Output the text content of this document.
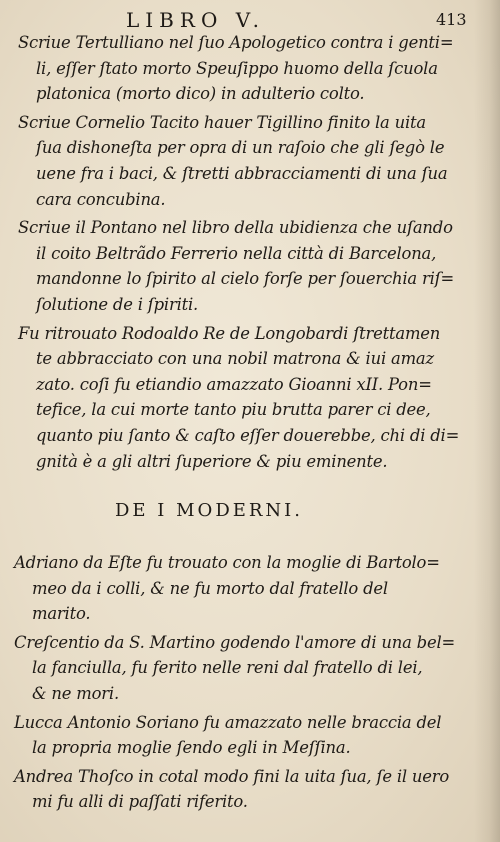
LIBRO V.	413
Scriue Tertulliano nel ſuo Apologetico contra i genti=
li, eſſer ſtato morto Speuſippo huomo della ſcuola
platonica (morto dico) in adulterio colto.
Scriue Cornelio Tacito hauer Tigillino finito la uita
ſua dishoneſta per opra di un raſoio che gli ſegò le
uene fra i baci, & ſtretti abbracciamenti di una ſua
cara concubina.
Scriue il Pontano nel libro della ubidienza che uſando
il coito Beltrãdo Ferrerio nella città di Barcelona,
mandonne lo ſpirito al cielo forſe per ſouerchia riſ=
ſolutione de i ſpiriti.
Fu ritrouato Rodoaldo Re de Longobardi ſtrettamen
te abbracciato con una nobil matrona & iui amaz
zato. coſi fu etiandio amazzato Gioanni xII. Pon=
tefice, la cui morte tanto piu brutta parer ci dee,
quanto piu ſanto & caſto eſſer douerebbe, chi di di=
gnità è a gli altri ſuperiore & piu eminente.
DE I MODERNI.
Adriano da Eſte fu trouato con la moglie di Bartolo=
meo da i colli, & ne fu morto dal fratello del
marito.
Creſcentio da S. Martino godendo l'amore di una bel=
la fanciulla, fu ferito nelle reni dal fratello di lei,
& ne mori.
Lucca Antonio Soriano fu amazzato nelle braccia del
la propria moglie ſendo egli in Meſſina.
Andrea Thoſco in cotal modo fini la uita ſua, ſe il uero
mi fu alli di paſſati riferito.
